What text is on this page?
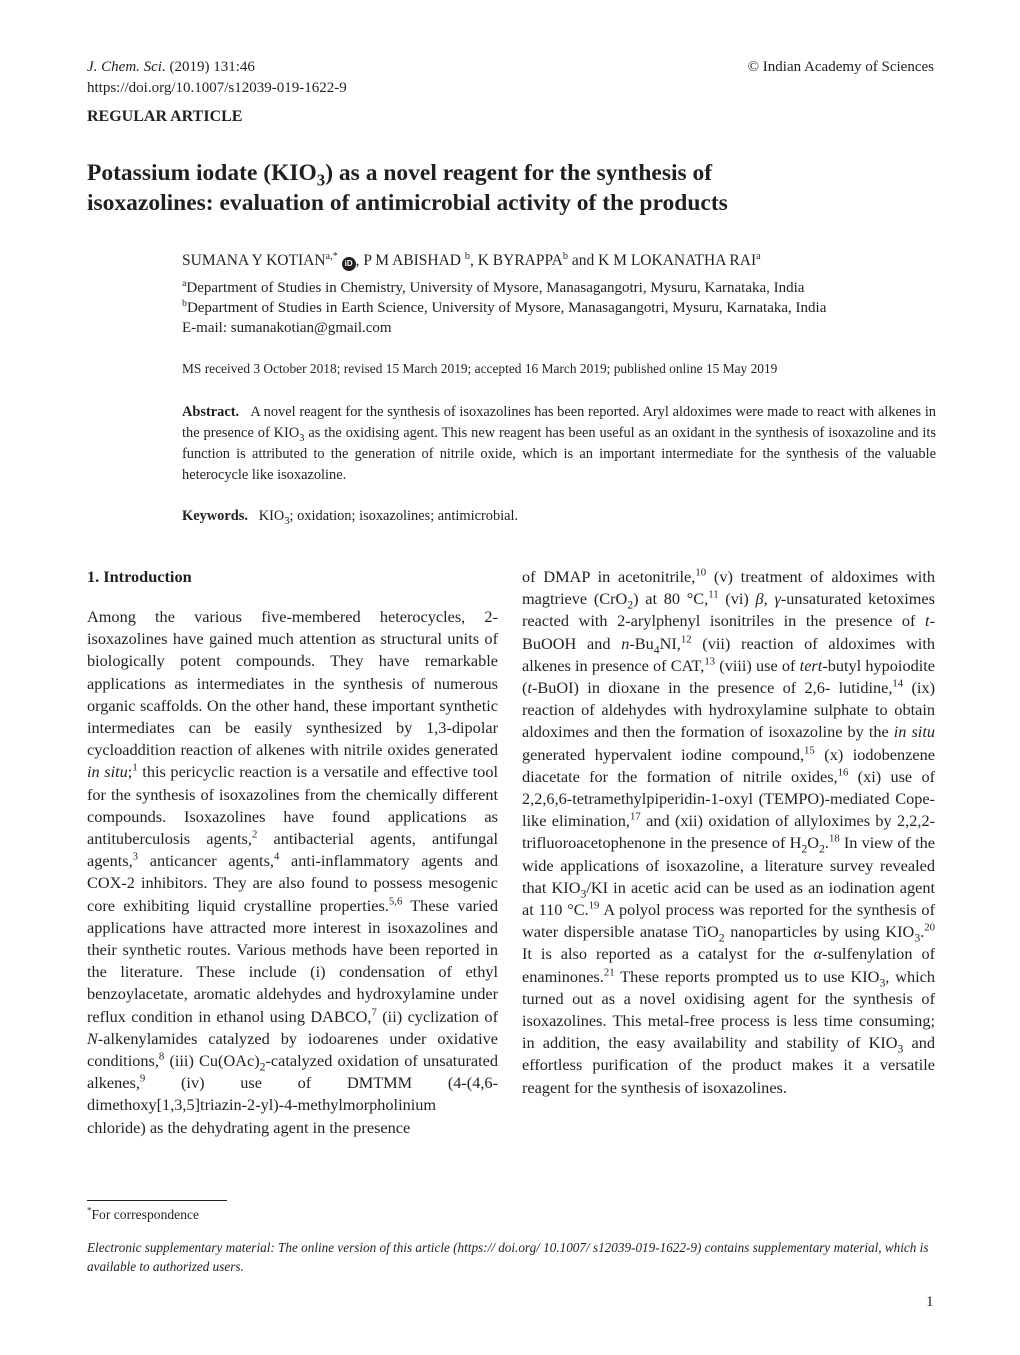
J. Chem. Sci. (2019) 131:46
https://doi.org/10.1007/s12039-019-1622-9
© Indian Academy of Sciences
REGULAR ARTICLE
Potassium iodate $(KIO_3)$ as a novel reagent for the synthesis of
isoxazolines: evaluation of antimicrobial activity of the products
SUMANA Y $KOTIAN^{a,*}$ iD , P M ABISHAD $^b$, K BYRAPPA$^b$ and K M LOKANATHA RAI$^a$
$^a$Department of Studies in Chemistry, University of Mysore, Manasagangotri, Mysuru, Karnataka, India
$^b$Department of Studies in Earth Science, University of Mysore, Manasagangotri, Mysuru, Karnataka, India
E-mail: sumanakotian@gmail.com
MS received 3 October 2018; revised 15 March 2019; accepted 16 March 2019; published online 15 May 2019
Abstract. A novel reagent for the synthesis of isoxazolines has been reported. Aryl aldoximes were made to react with alkenes in the presence of $KIO_3$ as the oxidising agent. This new reagent has been useful as an oxidant in the synthesis of isoxazoline and its function is attributed to the generation of nitrile oxide, which is an important intermediate for the synthesis of the valuable heterocycle like isoxazoline.
Keywords. $KIO_3$; oxidation; isoxazolines; antimicrobial.
1. Introduction
Among the various five-membered heterocycles, 2-isoxazolines have gained much attention as structural units of biologically potent compounds. They have remarkable applications as intermediates in the synthesis of numerous organic scaffolds. On the other hand, these important synthetic intermediates can be easily synthesized by 1,3-dipolar cycloaddition reaction of alkenes with nitrile oxides generated in situ;$^1$ this pericyclic reaction is a versatile and effective tool for the synthesis of isoxazolines from the chemically different compounds. Isoxazolines have found applications as antituberculosis agents,$^2$ antibacterial agents, antifungal agents,$^3$ anticancer agents,$^4$ anti-inflammatory agents and COX-2 inhibitors. They are also found to possess mesogenic core exhibiting liquid crystalline properties.$^{5,6}$ These varied applications have attracted more interest in isoxazolines and their synthetic routes. Various methods have been reported in the literature. These include (i) condensation of ethyl benzoylacetate, aromatic aldehydes and hydroxylamine under reflux condition in ethanol using DABCO,$^7$ (ii) cyclization of N-alkenylamides catalyzed by iodoarenes under oxidative conditions,$^8$ (iii) $Cu(OAc)_2$-catalyzed oxidation of unsaturated alkenes,$^9$ (iv) use of DMTMM (4-(4,6-dimethoxy[1,3,5]triazin-2-yl)-4-methylmorpholinium chloride) as the dehydrating agent in the presence
of DMAP in acetonitrile,$^{10}$ (v) treatment of aldoximes with magtrieve (CrO$_2$) at 80 °C,$^{11}$ (vi) β, γ-unsaturated ketoximes reacted with 2-arylphenyl isonitriles in the presence of t-BuOOH and $n-Bu_4NI,^{12}$ (vii) reaction of aldoximes with alkenes in presence of CAT,$^{13}$ (viii) use of tert-butyl hypoiodite (t-BuOI) in dioxane in the presence of 2,6- lutidine,$^{14}$ (ix) reaction of aldehydes with hydroxylamine sulphate to obtain aldoximes and then the formation of isoxazoline by the in situ generated hypervalent iodine compound,$^{15}$ (x) iodobenzene diacetate for the formation of nitrile oxides,$^{16}$ (xi) use of 2,2,6,6-tetramethylpiperidin-1-oxyl (TEMPO)-mediated Cope-like elimination,$^{17}$ and (xii) oxidation of allyloximes by 2,2,2-trifluoroacetophenone in the presence of $H_2O_2.^{18}$ In view of the wide applications of isoxazoline, a literature survey revealed that $KIO_3/KI$ in acetic acid can be used as an iodination agent at 110 °C.$^{19}$ A polyol process was reported for the synthesis of water dispersible anatase TiO$_2$ nanoparticles by using $KIO_3.^{20}$ It is also reported as a catalyst for the α-sulfenylation of enaminones.$^{21}$ These reports prompted us to use $KIO_3$, which turned out as a novel oxidising agent for the synthesis of isoxazolines. This metal-free process is less time consuming; in addition, the easy availability and stability of $KIO_3$ and effortless purification of the product makes it a versatile reagent for the synthesis of isoxazolines.
*For correspondence
Electronic supplementary material: The online version of this article (https:// doi.org/ 10.1007/ s12039-019-1622-9) contains supplementary material, which is available to authorized users.
1
